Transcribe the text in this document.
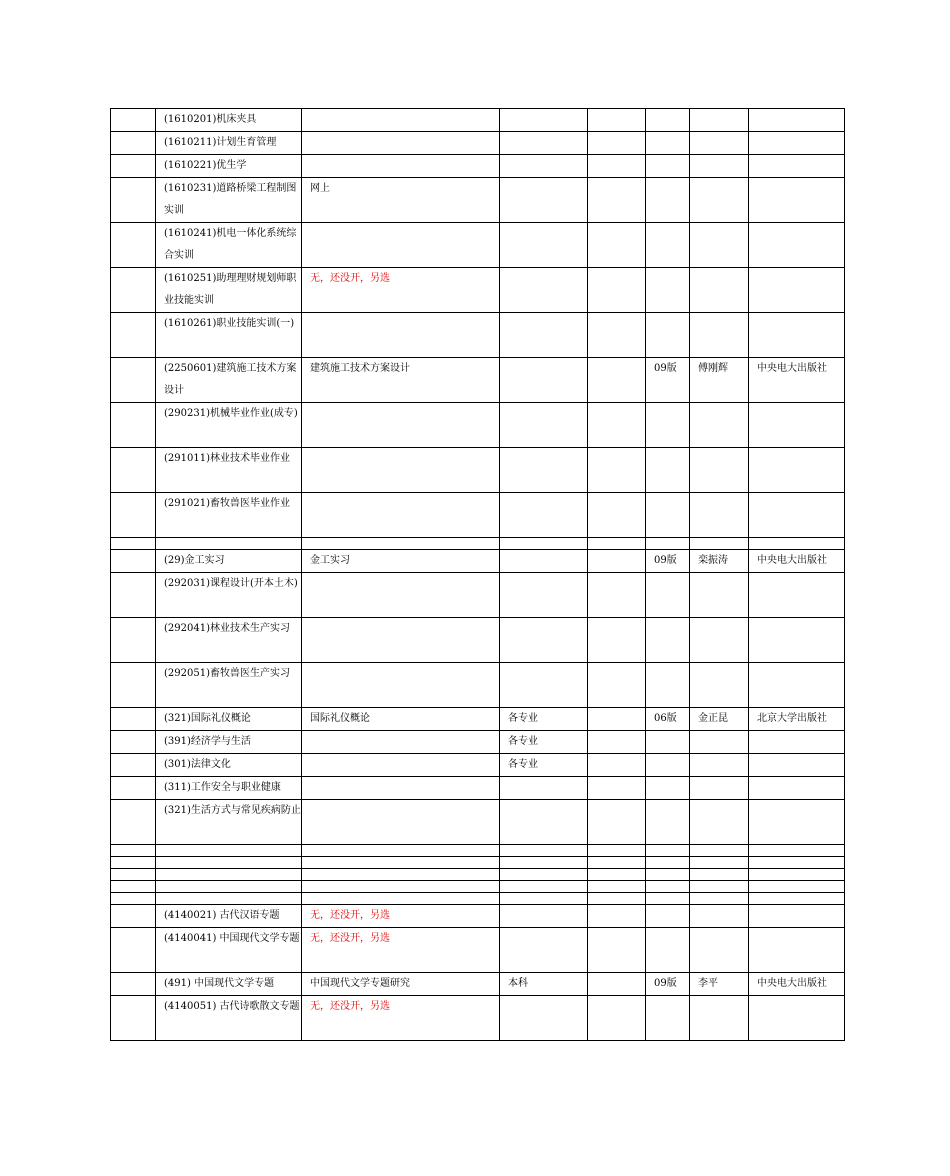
	(1610201)机床夹具						
	(1610211)计划生育管理						
	(1610221)优生学						
	(1610231)道路桥梁工程制图实训	网上					
	(1610241)机电一体化系统综合实训						
	(1610251)助理理财规划师职业技能实训	无，还没开，另选					
	(1610261)职业技能实训(一)						
	(2250601)建筑施工技术方案设计	建筑施工技术方案设计			09版	傅刚辉	中央电大出版社
	(290231)机械毕业作业(成专)						
	(291011)林业技术毕业作业						
	(291021)畜牧兽医毕业作业						

	(29)金工实习	金工实习			09版	栾振涛	中央电大出版社
	(292031)课程设计(开本土木)						
	(292041)林业技术生产实习						
	(292051)畜牧兽医生产实习						
	(321)国际礼仪概论	国际礼仪概论	各专业		06版	金正昆	北京大学出版社
	(391)经济学与生活		各专业				
	(301)法律文化		各专业				
	(311)工作安全与职业健康						
	(321)生活方式与常见疾病防止						

	(4140021) 古代汉语专题	无，还没开，另选					
	(4140041) 中国现代文学专题	无，还没开，另选					
	(491) 中国现代文学专题	中国现代文学专题研究	本科		09版	李平	中央电大出版社
	(4140051) 古代诗歌散文专题	无，还没开，另选					
